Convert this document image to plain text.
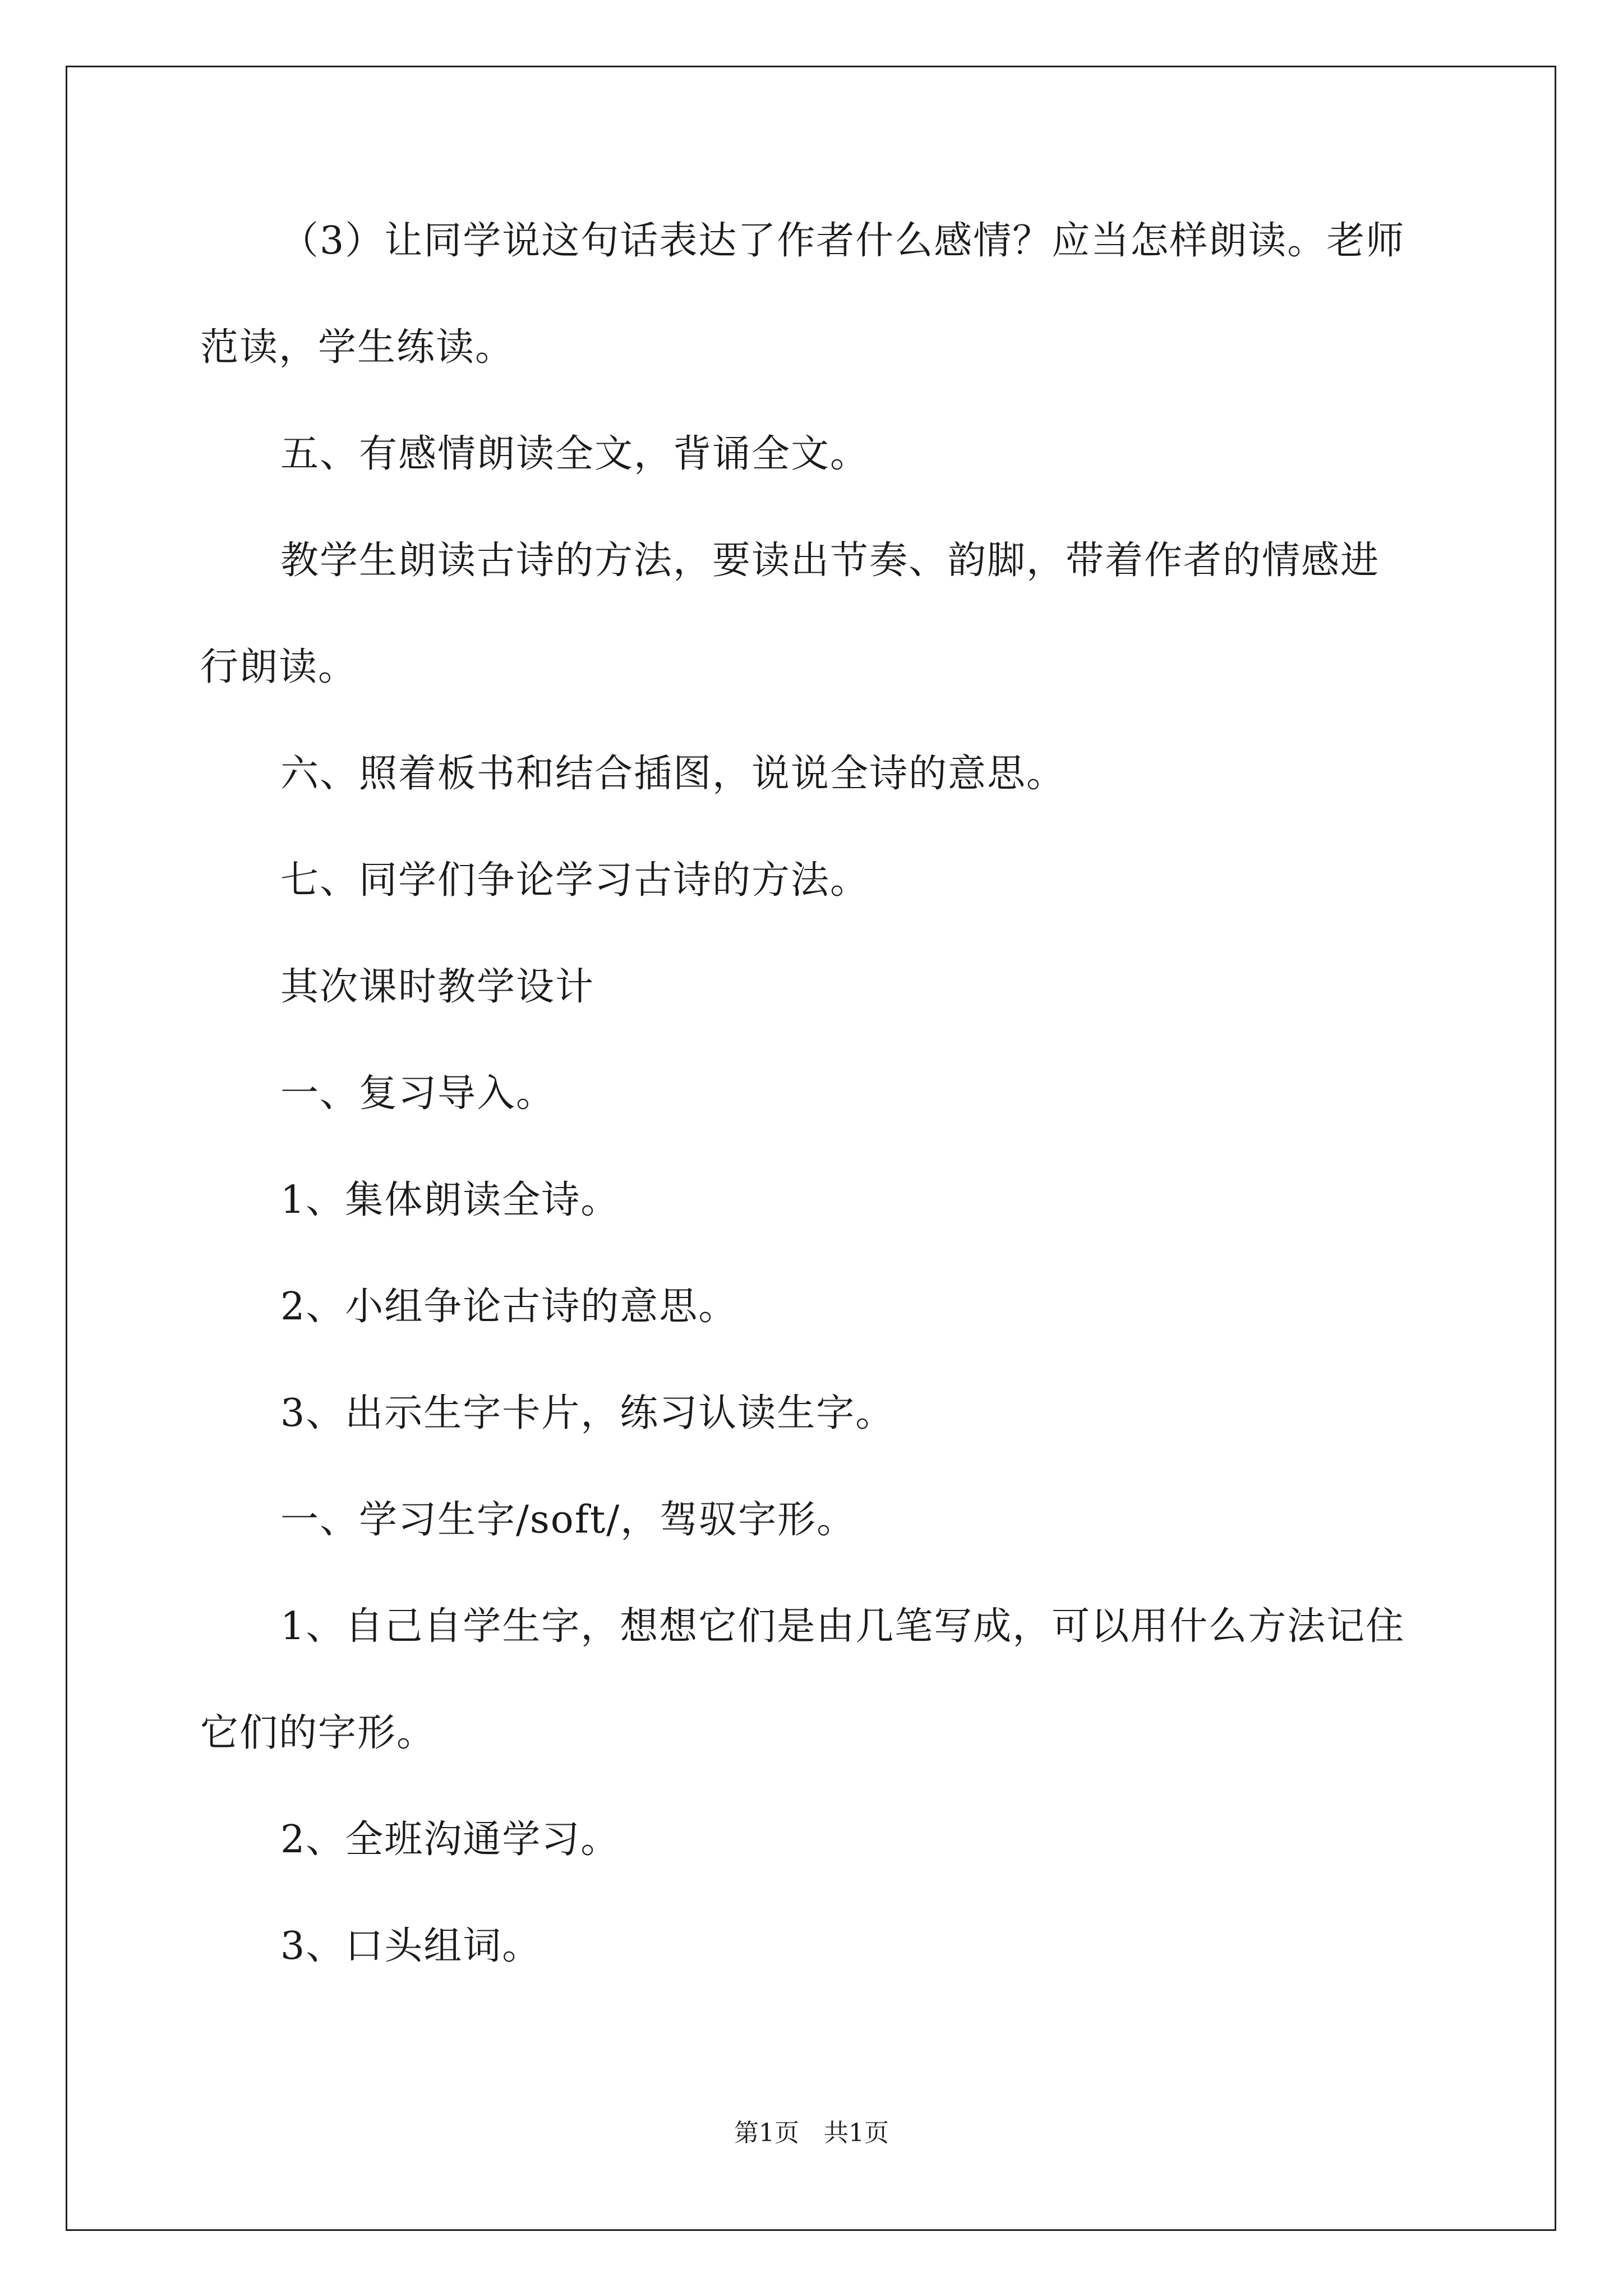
（3）让同学说这句话表达了作者什么感情？应当怎样朗读。老师
范读，学生练读。
五、有感情朗读全文，背诵全文。
教学生朗读古诗的方法，要读出节奏、韵脚，带着作者的情感进
行朗读。
六、照着板书和结合插图，说说全诗的意思。
七、同学们争论学习古诗的方法。
其次课时教学设计
一、复习导入。
1、集体朗读全诗。
2、小组争论古诗的意思。
3、出示生字卡片，练习认读生字。
一、学习生字/soft/，驾驭字形。
1、自己自学生字，想想它们是由几笔写成，可以用什么方法记住
它们的字形。
2、全班沟通学习。
3、口头组词。
第1页　共1页
